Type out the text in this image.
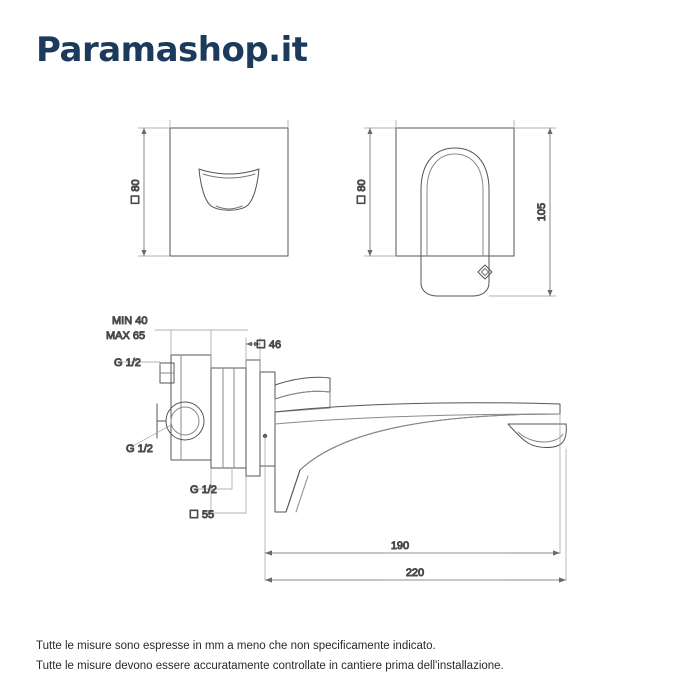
Paramashop.it
☐ 80	☐ 80
105
MIN 40
MAX 65
G 1/2
G 1/2
G 1/2
☐ 46
☐ 55
190
220
Tutte le misure sono espresse in mm a meno che non specificamente indicato.
Tutte le misure devono essere accuratamente controllate in cantiere prima dell'installazione.
